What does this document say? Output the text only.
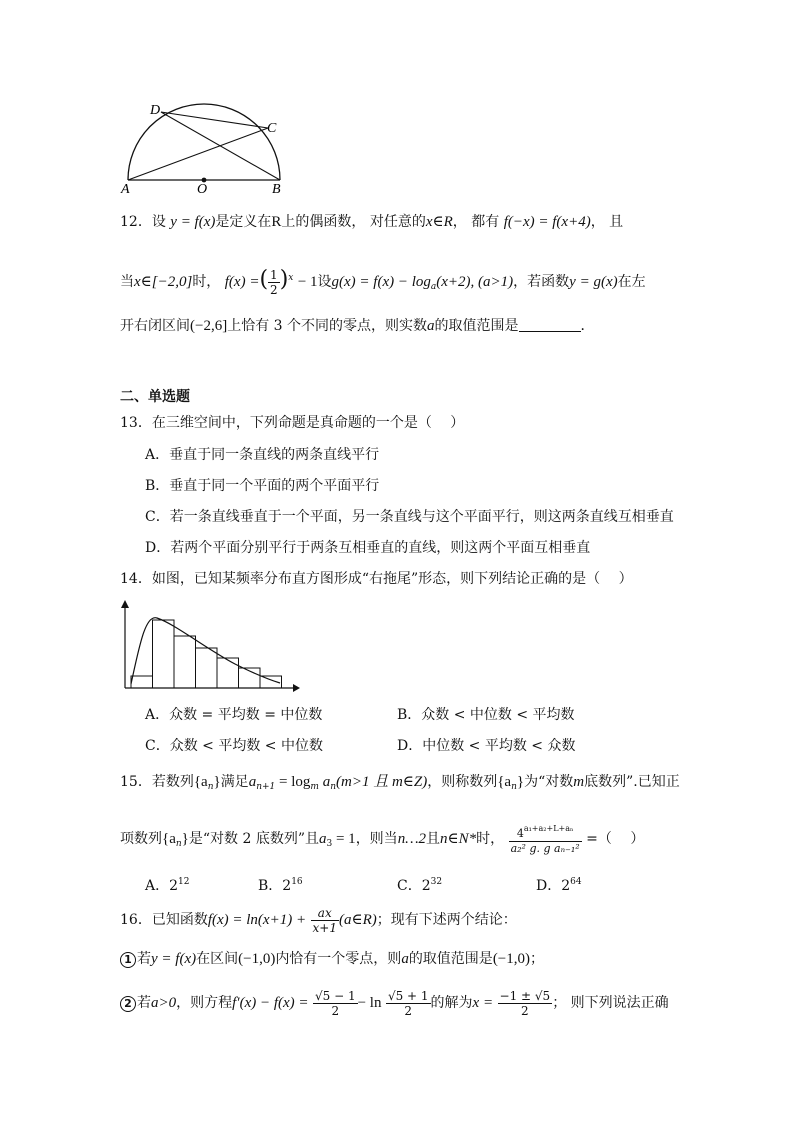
D
C
A	O	B
12．设 y = f(x)是定义在R上的偶函数， 对任意的x∈R， 都有 f(−x) = f(x+4)， 且
当x∈[−2,0]时， f(x) =( $\frac{1}{2} )^x - 1$设$g(x) = f(x) - \log_a(x+2)$, (a>1)，若函数y = g(x)在左
开右闭区间(−2,6]上恰有 3 个不同的零点，则实数a的取值范围是	．
二、单选题
13．在三维空间中，下列命题是真命题的一个是（　 ）
A．垂直于同一条直线的两条直线平行
B．垂直于同一个平面的两个平面平行
C．若一条直线垂直于一个平面，另一条直线与这个平面平行，则这两条直线互相垂直
D．若两个平面分别平行于两条互相垂直的直线，则这两个平面互相垂直
14．如图，已知某频率分布直方图形成“右拖尾”形态，则下列结论正确的是（　 ）
A．众数 = 平均数 = 中位数	B．众数 < 中位数 < 平均数
C．众数 < 平均数 < 中位数	D．中位数 < 平均数 < 众数
15．若数列$\{a_n\}$满足$a_{n+1} = \log_m a_n(m>1$ 且 m∈Z)，则称数列$\{a_n\}$为“对数m底数列”.已知正
项数列$\{a_n\}$是“对数 2 底数列”且$a_3 = 1$，则当n…2且n∈N*时， $\frac{4^{a_1+a_2+L+a_n}}{\text{a₂² g. g aₙ₋₁²}}$ =（　 ）
A．$2^{12}$	B．$2^{16}$	C．$2^{32}$	D．$2^{64}$
16．已知函数$f(x) = \ln(x+1) + \frac{ax}{x+1}$ (a∈R)；现有下述两个结论：
1 若y = f(x)在区间(−1,0)内恰有一个零点，则a的取值范围是(−1,0)；
2 若a>0，则方程$f'(x) - f(x) = \frac{√5 - 1}{2} - \ln \frac{√5 + 1}{2}$ 的解为$x = \frac{-1 \pm √5}{2}$ ； 则下列说法正确
